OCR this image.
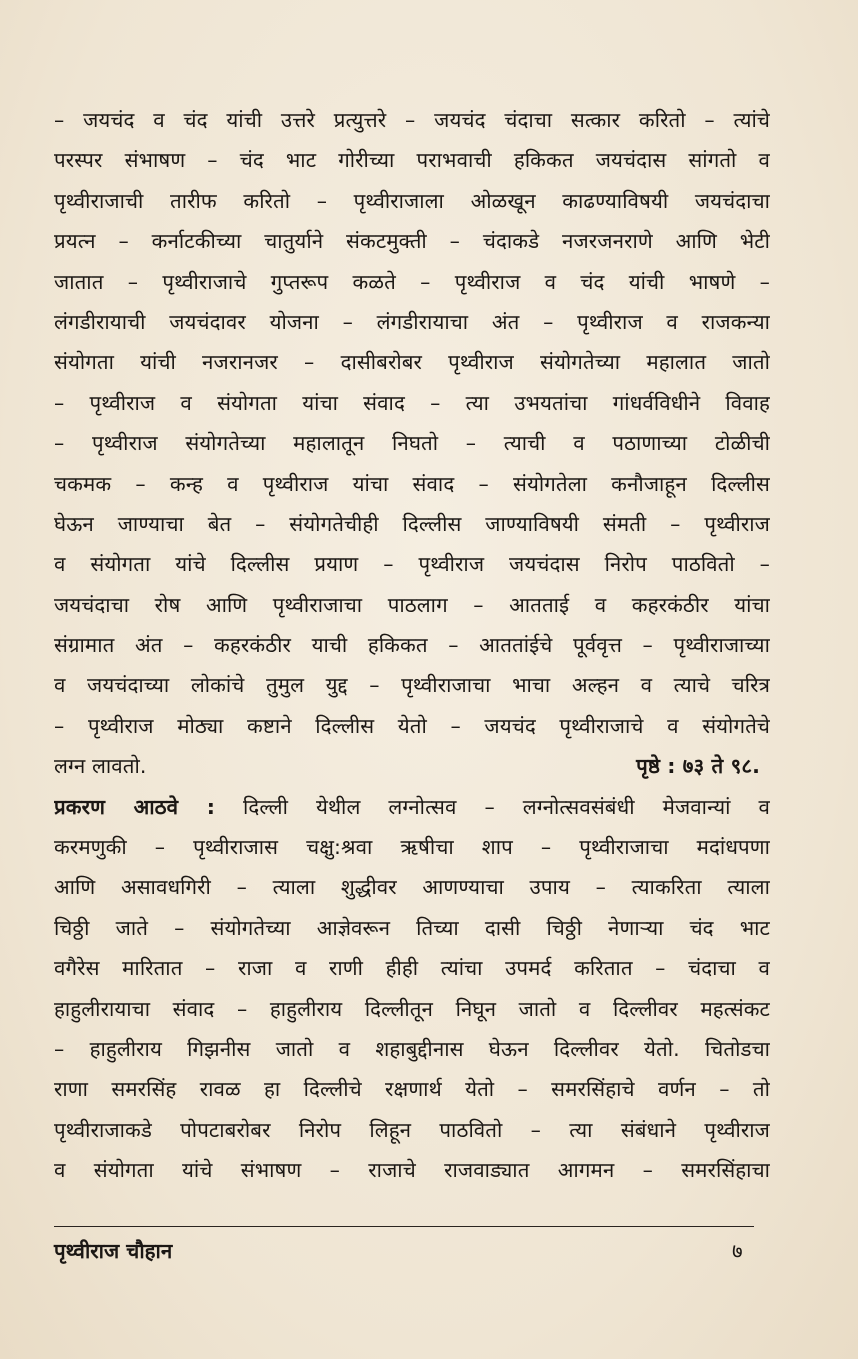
– जयचंद व चंद यांची उत्तरे प्रत्युत्तरे – जयचंद चंदाचा सत्कार करितो – त्यांचे
परस्पर संभाषण – चंद भाट गोरीच्या पराभवाची हकिकत जयचंदास सांगतो व
पृथ्वीराजाची तारीफ करितो – पृथ्वीराजाला ओळखून काढण्याविषयी जयचंदाचा
प्रयत्न – कर्नाटकीच्या चातुर्याने संकटमुक्ती – चंदाकडे नजरजनराणे आणि भेटी
जातात – पृथ्वीराजाचे गुप्तरूप कळते – पृथ्वीराज व चंद यांची भाषणे –
लंगडीरायाची जयचंदावर योजना – लंगडीरायाचा अंत – पृथ्वीराज व राजकन्या
संयोगता यांची नजरानजर – दासीबरोबर पृथ्वीराज संयोगतेच्या महालात जातो
– पृथ्वीराज व संयोगता यांचा संवाद – त्या उभयतांचा गांधर्वविधीने विवाह
– पृथ्वीराज संयोगतेच्या महालातून निघतो – त्याची व पठाणाच्या टोळीची
चकमक – कन्ह व पृथ्वीराज यांचा संवाद – संयोगतेला कनौजाहून दिल्लीस
घेऊन जाण्याचा बेत – संयोगतेचीही दिल्लीस जाण्याविषयी संमती – पृथ्वीराज
व संयोगता यांचे दिल्लीस प्रयाण – पृथ्वीराज जयचंदास निरोप पाठवितो –
जयचंदाचा रोष आणि पृथ्वीराजाचा पाठलाग – आतताई व कहरकंठीर यांचा
संग्रामात अंत – कहरकंठीर याची हकिकत – आततांईचे पूर्ववृत्त – पृथ्वीराजाच्या
व जयचंदाच्या लोकांचे तुमुल युद्द – पृथ्वीराजाचा भाचा अल्हन व त्याचे चरित्र
– पृथ्वीराज मोठ्या कष्टाने दिल्लीस येतो – जयचंद पृथ्वीराजाचे व संयोगतेचे
लग्न लावतो.	पृष्ठे : ७३ ते ९८.
प्रकरण आठवे : दिल्ली येथील लग्नोत्सव – लग्नोत्सवसंबंधी मेजवान्यां व
करमणुकी – पृथ्वीराजास चक्षु:श्रवा ऋषीचा शाप – पृथ्वीराजाचा मदांधपणा
आणि असावधगिरी – त्याला शुद्धीवर आणण्याचा उपाय – त्याकरिता त्याला
चिठ्ठी जाते – संयोगतेच्या आज्ञेवरून तिच्या दासी चिठ्ठी नेणाऱ्या चंद भाट
वगैरेस मारितात – राजा व राणी हीही त्यांचा उपमर्द करितात – चंदाचा व
हाहुलीरायाचा संवाद – हाहुलीराय दिल्लीतून निघून जातो व दिल्लीवर महत्संकट
– हाहुलीराय गिझनीस जातो व शहाबुद्दीनास घेऊन दिल्लीवर येतो. चितोडचा
राणा समरसिंह रावळ हा दिल्लीचे रक्षणार्थ येतो – समरसिंहाचे वर्णन – तो
पृथ्वीराजाकडे पोपटाबरोबर निरोप लिहून पाठवितो – त्या संबंधाने पृथ्वीराज
व संयोगता यांचे संभाषण – राजाचे राजवाड्यात आगमन – समरसिंहाचा
पृथ्वीराज चौहान	७
